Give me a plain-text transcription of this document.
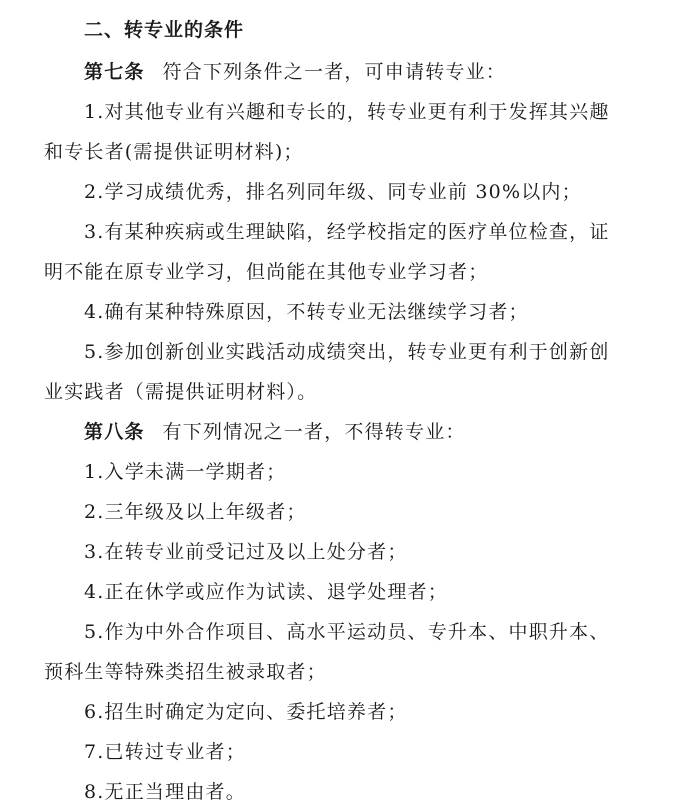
二、转专业的条件
第七条 符合下列条件之一者，可申请转专业：
1.对其他专业有兴趣和专长的，转专业更有利于发挥其兴趣
和专长者(需提供证明材料)；
2.学习成绩优秀，排名列同年级、同专业前 30%以内；
3.有某种疾病或生理缺陷，经学校指定的医疗单位检查，证
明不能在原专业学习，但尚能在其他专业学习者；
4.确有某种特殊原因，不转专业无法继续学习者；
5.参加创新创业实践活动成绩突出，转专业更有利于创新创
业实践者（需提供证明材料）。
第八条 有下列情况之一者，不得转专业：
1.入学未满一学期者；
2.三年级及以上年级者；
3.在转专业前受记过及以上处分者；
4.正在休学或应作为试读、退学处理者；
5.作为中外合作项目、高水平运动员、专升本、中职升本、
预科生等特殊类招生被录取者；
6.招生时确定为定向、委托培养者；
7.已转过专业者；
8.无正当理由者。
